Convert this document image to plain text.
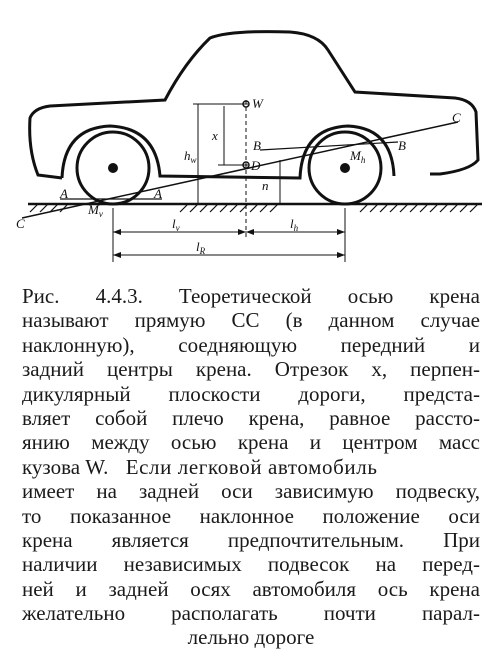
W
x
$h_w$
B
D
$M_h$
B
C
C
A	A
$M_v$
n
$l_v$	$l_h$
$l_R$
Рис. 4.4.3. Теоретической осью крена
называют прямую CC (в данном случае
наклонную), соедняющую передний и
задний центры крена. Отрезок x, перпен-
дикулярный плоскости дороги, предста-
вляет собой плечо крена, равное рассто-
янию между осью крена и центром масс
кузова W. Если легковой автомобиль
имеет на задней оси зависимую подвеску,
то показанное наклонное положение оси
крена является предпочтительным. При
наличии независимых подвесок на перед-
ней и задней осях автомобиля ось крена
желательно располагать почти парал-
лельно дороге
